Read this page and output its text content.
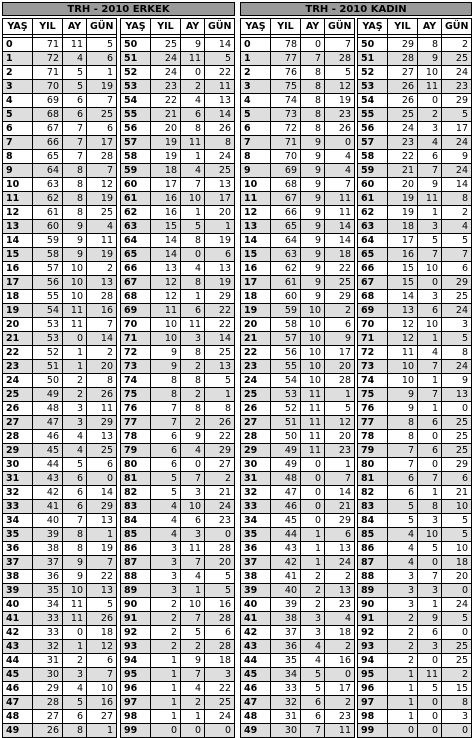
TRH - 2010 ERKEK
YAŞ	YIL	AY	GÜN

0	71	11	5
1	72	4	6
2	71	5	1
3	70	5	19
4	69	6	7
5	68	6	25
6	67	7	6
7	66	7	17
8	65	7	28
9	64	8	7
10	63	8	12
11	62	8	19
12	61	8	25
13	60	9	4
14	59	9	11
15	58	9	19
16	57	10	2
17	56	10	13
18	55	10	28
19	54	11	16
20	53	11	7
21	53	0	14
22	52	1	2
23	51	1	20
24	50	2	8
25	49	2	26
26	48	3	11
27	47	3	29
28	46	4	13
29	45	4	25
30	44	5	6
31	43	6	0
32	42	6	14
33	41	6	29
34	40	7	13
35	39	8	1
36	38	8	19
37	37	9	7
38	36	9	22
39	35	10	13
40	34	11	5
41	33	11	26
42	33	0	18
43	32	1	12
44	31	2	6
45	30	3	7
46	29	4	10
47	28	5	16
48	27	6	27
49	26	8	1
YAŞ	YIL	AY	GÜN

50	25	9	14
51	24	11	5
52	24	0	22
53	23	2	11
54	22	4	13
55	21	6	14
56	20	8	26
57	19	11	8
58	19	1	24
59	18	4	25
60	17	7	13
61	16	10	17
62	16	1	20
63	15	5	1
64	14	8	19
65	14	0	6
66	13	4	13
67	12	8	19
68	12	1	29
69	11	6	22
70	10	11	22
71	10	3	14
72	9	8	25
73	9	2	13
74	8	8	5
75	8	2	1
76	7	8	8
77	7	2	26
78	6	9	22
79	6	4	29
80	6	0	27
81	5	7	2
82	5	3	21
83	4	10	24
84	4	6	23
85	4	3	0
86	3	11	28
87	3	7	20
88	3	4	5
89	3	1	5
90	2	10	16
91	2	7	28
92	2	5	6
93	2	2	28
94	1	9	18
95	1	7	3
96	1	4	22
97	1	2	25
98	1	1	24
99	0	0	0
TRH - 2010 KADIN
YAŞ	YIL	AY	GÜN

0	78	0	7
1	77	7	28
2	76	8	5
3	75	8	12
4	74	8	19
5	73	8	23
6	72	8	26
7	71	9	0
8	70	9	4
9	69	9	4
10	68	9	7
11	67	9	11
12	66	9	11
13	65	9	14
14	64	9	14
15	63	9	18
16	62	9	22
17	61	9	25
18	60	9	29
19	59	10	2
20	58	10	6
21	57	10	9
22	56	10	17
23	55	10	20
24	54	10	28
25	53	11	1
26	52	11	5
27	51	11	12
28	50	11	20
29	49	11	23
30	49	0	1
31	48	0	7
32	47	0	14
33	46	0	21
34	45	0	29
35	44	1	6
36	43	1	13
37	42	1	24
38	41	2	2
39	40	2	13
40	39	2	23
41	38	3	4
42	37	3	18
43	36	4	2
44	35	4	16
45	34	5	0
46	33	5	17
47	32	6	2
48	31	6	23
49	30	7	11
YAŞ	YIL	AY	GÜN

50	29	8	2
51	28	9	25
52	27	10	24
53	26	11	23
54	26	0	29
55	25	2	5
56	24	3	17
57	23	4	24
58	22	6	9
59	21	7	24
60	20	9	14
61	19	11	8
62	19	1	2
63	18	3	4
64	17	5	5
65	16	7	7
66	15	10	6
67	15	0	29
68	14	3	25
69	13	6	24
70	12	10	3
71	12	1	5
72	11	4	8
73	10	7	24
74	10	1	9
75	9	7	13
76	9	1	0
77	8	6	25
78	8	0	25
79	7	6	25
80	7	0	29
81	6	7	6
82	6	1	21
83	5	8	10
84	5	3	5
85	4	10	5
86	4	5	10
87	4	0	18
88	3	7	20
89	3	3	0
90	3	1	24
91	2	9	5
92	2	6	0
93	2	3	25
94	2	0	25
95	1	11	2
96	1	5	15
97	1	0	8
98	1	0	3
99	0	0	0
